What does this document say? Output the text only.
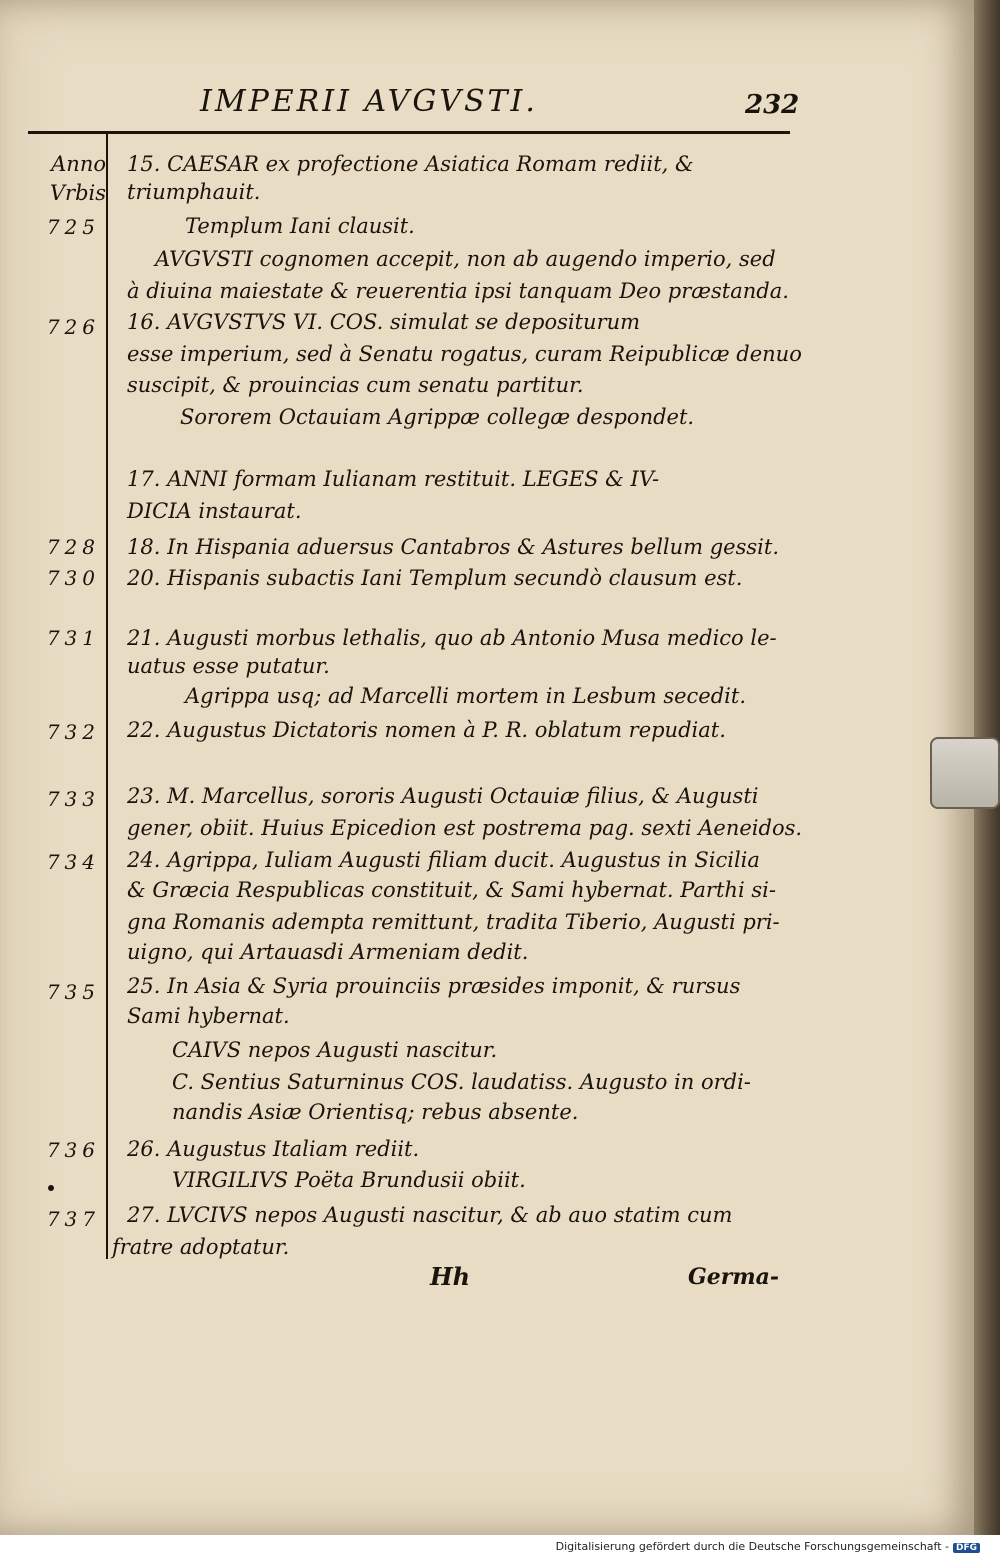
IMPERII AVGVSTI.	232
Anno
Vrbis
725
726
728
730
731
732
733
734
735
736
737
15. CAESAR ex profectione Asiatica Romam rediit, &
triumphauit.
Templum Iani clausit.
AVGVSTI cognomen accepit, non ab augendo imperio, sed
à diuina maiestate & reuerentia ipsi tanquam Deo præstanda.
16. AVGVSTVS VI. COS. simulat se depositurum
esse imperium, sed à Senatu rogatus, curam Reipublicæ denuo
suscipit, & prouincias cum senatu partitur.
Sororem Octauiam Agrippæ collegæ despondet.
17. ANNI formam Iulianam restituit. LEGES & IV-
DICIA instaurat.
18. In Hispania aduersus Cantabros & Astures bellum gessit.
20. Hispanis subactis Iani Templum secundò clausum est.
21. Augusti morbus lethalis, quo ab Antonio Musa medico le-
uatus esse putatur.
Agrippa usq; ad Marcelli mortem in Lesbum secedit.
22. Augustus Dictatoris nomen à P. R. oblatum repudiat.
23. M. Marcellus, sororis Augusti Octauiæ filius, & Augusti
gener, obiit. Huius Epicedion est postrema pag. sexti Aeneidos.
24. Agrippa, Iuliam Augusti filiam ducit. Augustus in Sicilia
& Græcia Respublicas constituit, & Sami hybernat. Parthi si-
gna Romanis adempta remittunt, tradita Tiberio, Augusti pri-
uigno, qui Artauasdi Armeniam dedit.
25. In Asia & Syria prouinciis præsides imponit, & rursus
Sami hybernat.
CAIVS nepos Augusti nascitur.
C. Sentius Saturninus COS. laudatiss. Augusto in ordi-
nandis Asiæ Orientisq; rebus absente.
26. Augustus Italiam rediit.
VIRGILIVS Poëta Brundusii obiit.
27. LVCIVS nepos Augusti nascitur, & ab auo statim cum
fratre adoptatur.
Hh	Germa-
Digitalisierung gefördert durch die Deutsche Forschungsgemeinschaft - DFG
